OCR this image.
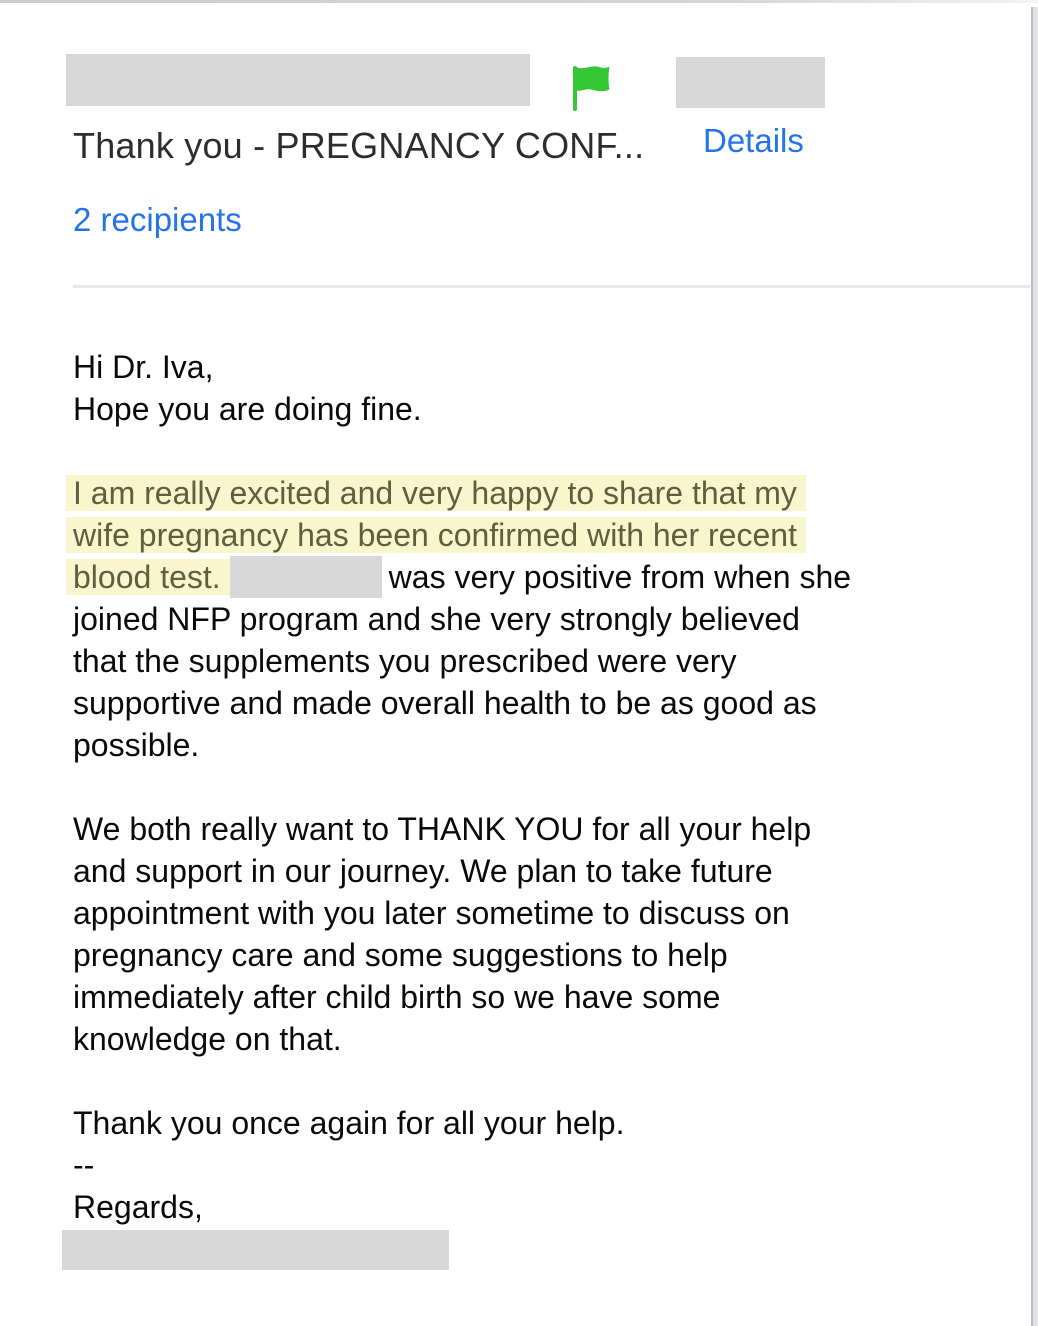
Thank you - PREGNANCY CONF... Details
2 recipients
Hi Dr. Iva,
Hope you are doing fine.

I am really excited and very happy to share that my
wife pregnancy has been confirmed with her recent
blood test.	was very positive from when she
joined NFP program and she very strongly believed
that the supplements you prescribed were very
supportive and made overall health to be as good as
possible.

We both really want to THANK YOU for all your help
and support in our journey. We plan to take future
appointment with you later sometime to discuss on
pregnancy care and some suggestions to help
immediately after child birth so we have some
knowledge on that.

Thank you once again for all your help.
--
Regards,
